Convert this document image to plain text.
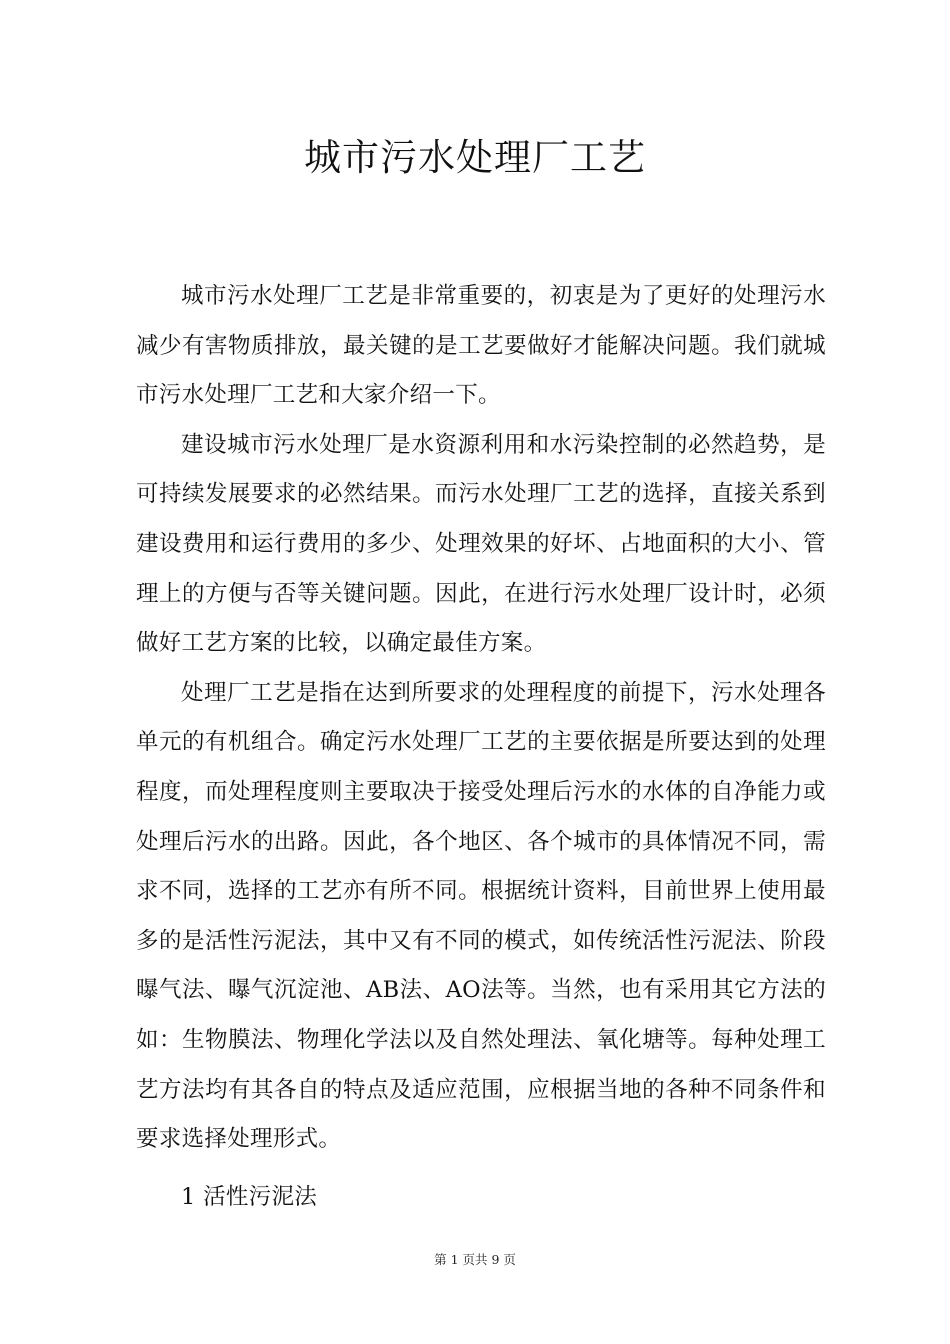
城市污水处理厂工艺

城市污水处理厂工艺是非常重要的，初衷是为了更好的处理污水减少有害物质排放，最关键的是工艺要做好才能解决问题。我们就城市污水处理厂工艺和大家介绍一下。

建设城市污水处理厂是水资源利用和水污染控制的必然趋势，是可持续发展要求的必然结果。而污水处理厂工艺的选择，直接关系到建设费用和运行费用的多少、处理效果的好坏、占地面积的大小、管理上的方便与否等关键问题。因此，在进行污水处理厂设计时，必须做好工艺方案的比较，以确定最佳方案。

处理厂工艺是指在达到所要求的处理程度的前提下，污水处理各单元的有机组合。确定污水处理厂工艺的主要依据是所要达到的处理程度，而处理程度则主要取决于接受处理后污水的水体的自净能力或处理后污水的出路。因此，各个地区、各个城市的具体情况不同，需求不同，选择的工艺亦有所不同。根据统计资料，目前世界上使用最多的是活性污泥法，其中又有不同的模式，如传统活性污泥法、阶段曝气法、曝气沉淀池、AB法、AO法等。当然，也有采用其它方法的如：生物膜法、物理化学法以及自然处理法、氧化塘等。每种处理工艺方法均有其各自的特点及适应范围，应根据当地的各种不同条件和要求选择处理形式。

1 活性污泥法
第 1 页共 9 页
